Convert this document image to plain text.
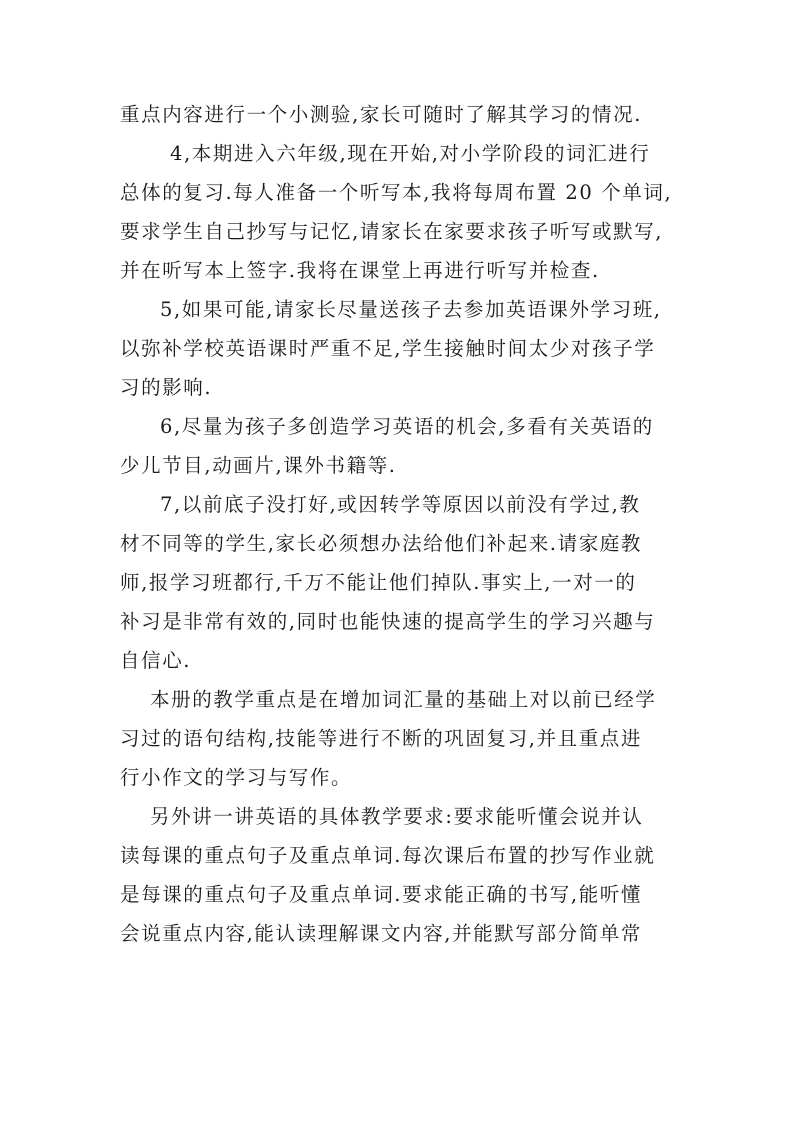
重点内容进行一个小测验,家长可随时了解其学习的情况.
4,本期进入六年级,现在开始,对小学阶段的词汇进行
总体的复习.每人准备一个听写本,我将每周布置 20 个单词,
要求学生自己抄写与记忆,请家长在家要求孩子听写或默写,
并在听写本上签字.我将在课堂上再进行听写并检查.
5,如果可能,请家长尽量送孩子去参加英语课外学习班,
以弥补学校英语课时严重不足,学生接触时间太少对孩子学
习的影响.
6,尽量为孩子多创造学习英语的机会,多看有关英语的
少儿节目,动画片,课外书籍等.
7,以前底子没打好,或因转学等原因以前没有学过,教
材不同等的学生,家长必须想办法给他们补起来.请家庭教
师,报学习班都行,千万不能让他们掉队.事实上,一对一的
补习是非常有效的,同时也能快速的提高学生的学习兴趣与
自信心.
本册的教学重点是在增加词汇量的基础上对以前已经学
习过的语句结构,技能等进行不断的巩固复习,并且重点进
行小作文的学习与写作。
另外讲一讲英语的具体教学要求:要求能听懂会说并认
读每课的重点句子及重点单词.每次课后布置的抄写作业就
是每课的重点句子及重点单词.要求能正确的书写,能听懂
会说重点内容,能认读理解课文内容,并能默写部分简单常
